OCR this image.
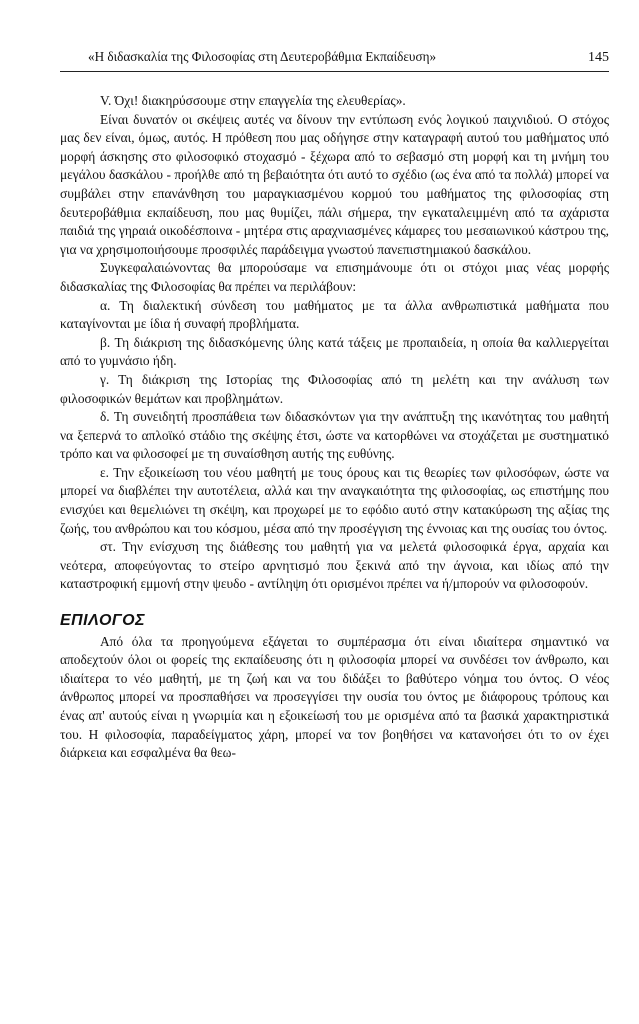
«Η διδασκαλία της Φιλοσοφίας στη Δευτεροβάθμια Εκπαίδευση»	145

V. Όχι! διακηρύσσουμε στην επαγγελία της ελευθερίας».

Είναι δυνατόν οι σκέψεις αυτές να δίνουν την εντύπωση ενός λογικού παιχνιδιού. Ο στόχος μας δεν είναι, όμως, αυτός. Η πρόθεση που μας οδήγησε στην καταγραφή αυτού του μαθήματος υπό μορφή άσκησης στο φιλοσοφικό στοχασμό - ξέχωρα από το σεβασμό στη μορφή και τη μνήμη του μεγάλου δασκάλου - προήλθε από τη βεβαιότητα ότι αυτό το σχέδιο (ως ένα από τα πολλά) μπορεί να συμβάλει στην επανάνθηση του μαραγκιασμένου κορμού του μαθήματος της φιλοσοφίας στη δευτεροβάθμια εκπαίδευση, που μας θυμίζει, πάλι σήμερα, την εγκαταλειμμένη από τα αχάριστα παιδιά της γηραιά οικοδέσποινα - μητέρα στις αραχνιασμένες κάμαρες του μεσαιωνικού κάστρου της, για να χρησιμοποιήσουμε προσφιλές παράδειγμα γνωστού πανεπιστημιακού δασκάλου.

Συγκεφαλαιώνοντας θα μπορούσαμε να επισημάνουμε ότι οι στόχοι μιας νέας μορφής διδασκαλίας της Φιλοσοφίας θα πρέπει να περιλάβουν:

α. Τη διαλεκτική σύνδεση του μαθήματος με τα άλλα ανθρωπιστικά μαθήματα που καταγίνονται με ίδια ή συναφή προβλήματα.

β. Τη διάκριση της διδασκόμενης ύλης κατά τάξεις με προπαιδεία, η οποία θα καλλιεργείται από το γυμνάσιο ήδη.

γ. Τη διάκριση της Ιστορίας της Φιλοσοφίας από τη μελέτη και την ανάλυση των φιλοσοφικών θεμάτων και προβλημάτων.

δ. Τη συνειδητή προσπάθεια των διδασκόντων για την ανάπτυξη της ικανότητας του μαθητή να ξεπερνά το απλοϊκό στάδιο της σκέψης έτσι, ώστε να κατορθώνει να στοχάζεται με συστηματικό τρόπο και να φιλοσοφεί με τη συναίσθηση αυτής της ευθύνης.

ε. Την εξοικείωση του νέου μαθητή με τους όρους και τις θεωρίες των φιλοσόφων, ώστε να μπορεί να διαβλέπει την αυτοτέλεια, αλλά και την αναγκαιότητα της φιλοσοφίας, ως επιστήμης που ενισχύει και θεμελιώνει τη σκέψη, και προχωρεί με το εφόδιο αυτό στην κατακύρωση της αξίας της ζωής, του ανθρώπου και του κόσμου, μέσα από την προσέγγιση της έννοιας και της ουσίας του όντος.

στ. Την ενίσχυση της διάθεσης του μαθητή για να μελετά φιλοσοφικά έργα, αρχαία και νεότερα, αποφεύγοντας το στείρο αρνητισμό που ξεκινά από την άγνοια, και ιδίως από την καταστροφική εμμονή στην ψευδο - αντίληψη ότι ορισμένοι πρέπει να ή/μπορούν να φιλοσοφούν.

ΕΠΙΛΟΓΟΣ

Από όλα τα προηγούμενα εξάγεται το συμπέρασμα ότι είναι ιδιαίτερα σημαντικό να αποδεχτούν όλοι οι φορείς της εκπαίδευσης ότι η φιλοσοφία μπορεί να συνδέσει τον άνθρωπο, και ιδιαίτερα το νέο μαθητή, με τη ζωή και να του διδάξει το βαθύτερο νόημα του όντος. Ο νέος άνθρωπος μπορεί να προσπαθήσει να προσεγγίσει την ουσία του όντος με διάφορους τρόπους και ένας απ' αυτούς είναι η γνωριμία και η εξοικείωσή του με ορισμένα από τα βασικά χαρακτηριστικά του. Η φιλοσοφία, παραδείγματος χάρη, μπορεί να τον βοηθήσει να κατανοήσει ότι το ον έχει διάρκεια και εσφαλμένα θα θεω-
